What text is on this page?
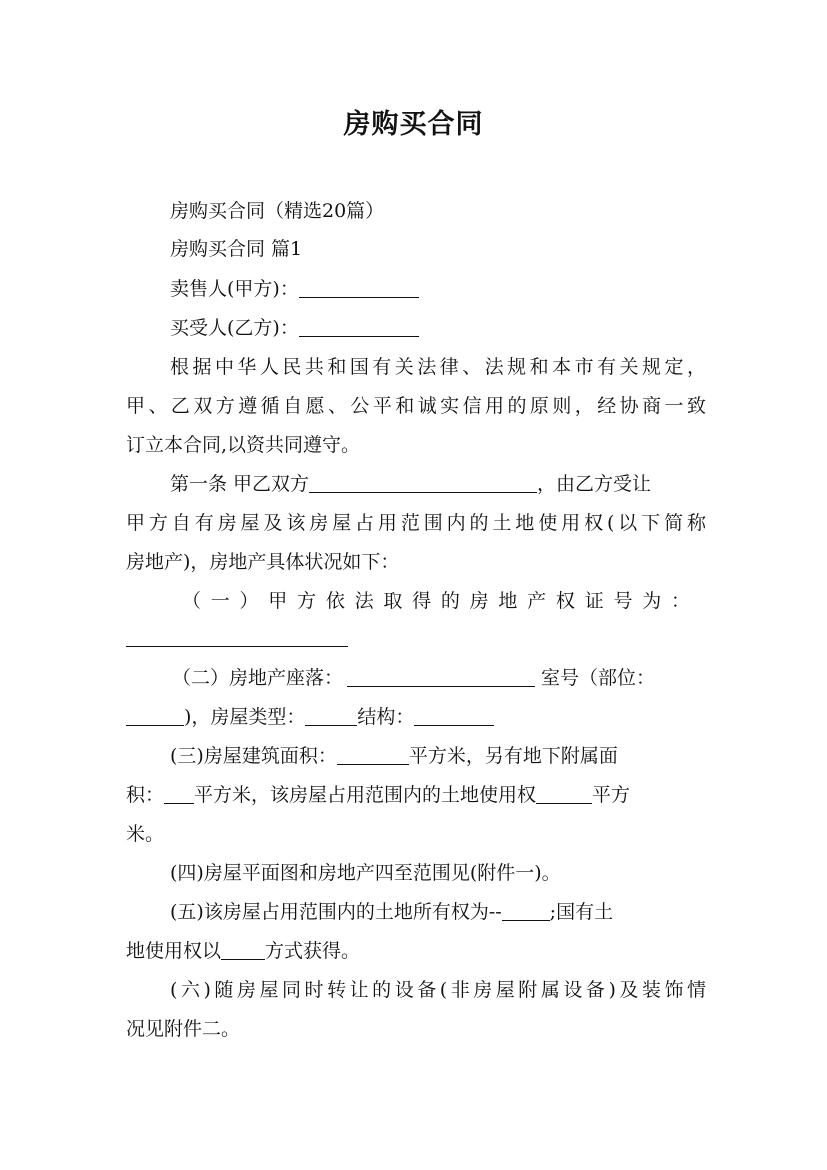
房购买合同
房购买合同（精选20篇）
房购买合同 篇1
卖售人(甲方)：
买受人(乙方)：
根据中华人民共和国有关法律、法规和本市有关规定，
甲、乙双方遵循自愿、公平和诚实信用的原则，经协商一致
订立本合同,以资共同遵守。
第一条 甲乙双方	，由乙方受让
甲方自有房屋及该房屋占用范围内的土地使用权(以下简称
房地产)，房地产具体状况如下：
（一）甲方依法取得的房地产权证号为：
（二）房地产座落：	室号（部位：
)，房屋类型：	结构：
(三)房屋建筑面积：	平方米，另有地下附属面
积： 平方米，该房屋占用范围内的土地使用权	平方
米。
(四)房屋平面图和房地产四至范围见(附件一)。
(五)该房屋占用范围内的土地所有权为--	;国有土
地使用权以 方式获得。
(六)随房屋同时转让的设备(非房屋附属设备)及装饰情
况见附件二。
